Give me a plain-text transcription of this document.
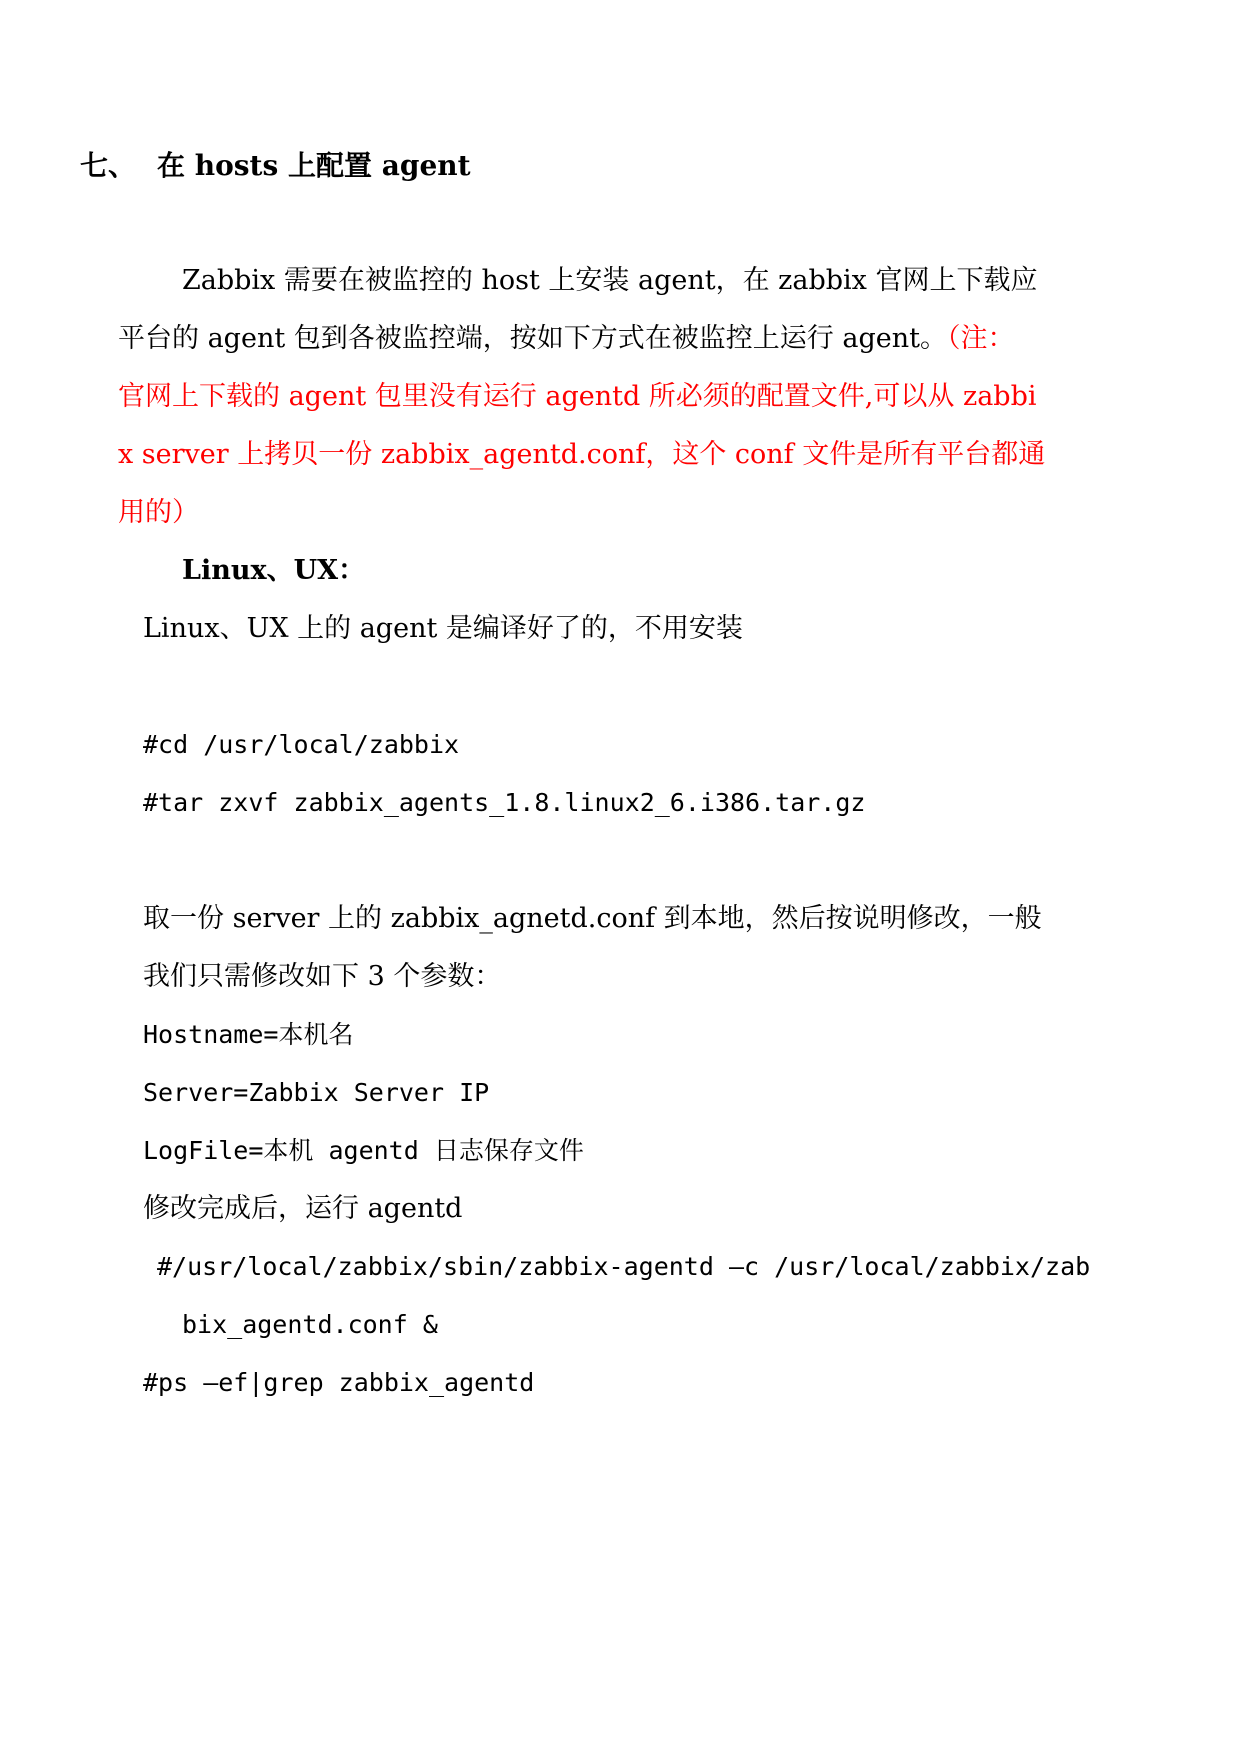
七、 在 hosts 上配置 agent
Zabbix 需要在被监控的 host 上安装 agent，在 zabbix 官网上下载应
平台的 agent 包到各被监控端，按如下方式在被监控上运行 agent。（注：
官网上下载的 agent 包里没有运行 agentd 所必须的配置文件,可以从 zabbi
x server 上拷贝一份 zabbix_agentd.conf，这个 conf 文件是所有平台都通
用的）
Linux、UX：
Linux、UX 上的 agent 是编译好了的，不用安装
#cd /usr/local/zabbix
#tar zxvf zabbix_agents_1.8.linux2_6.i386.tar.gz
取一份 server 上的 zabbix_agnetd.conf 到本地，然后按说明修改，一般
我们只需修改如下 3 个参数：
Hostname=本机名
Server=Zabbix Server IP
LogFile=本机 agentd 日志保存文件
修改完成后，运行 agentd
#/usr/local/zabbix/sbin/zabbix-agentd –c /usr/local/zabbix/zab
bix_agentd.conf &
#ps –ef|grep zabbix_agentd
